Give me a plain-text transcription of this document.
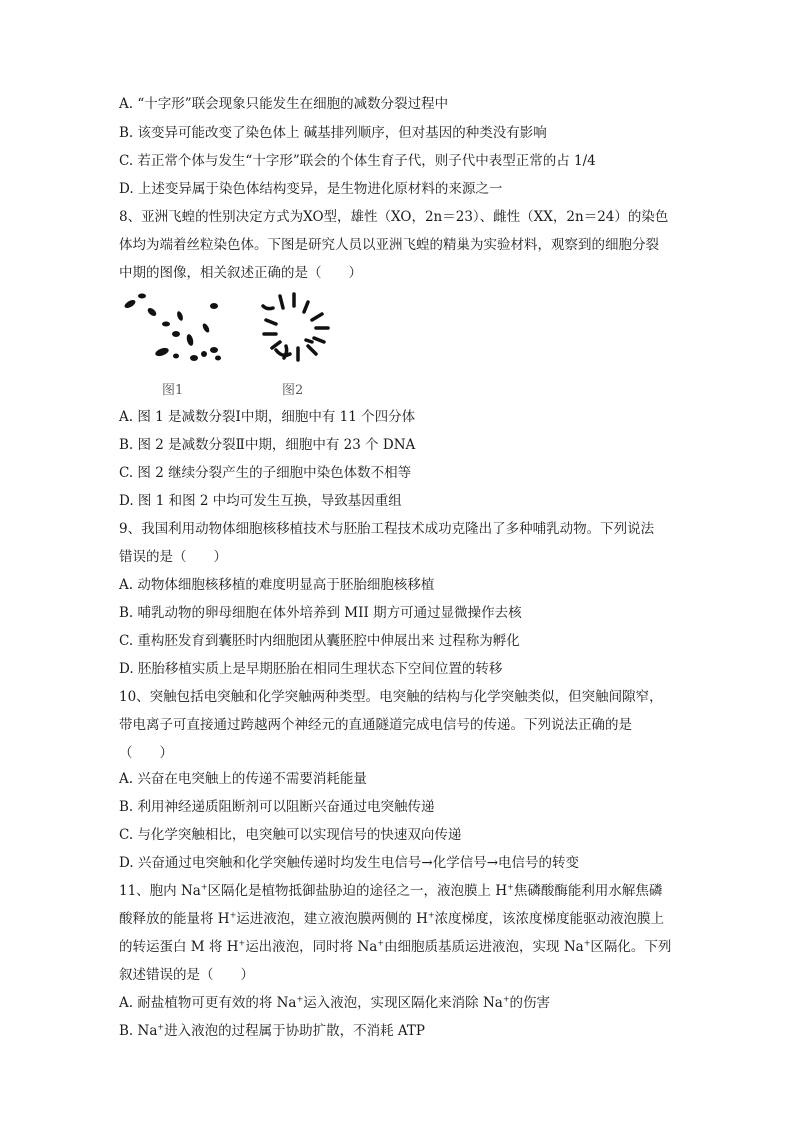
A. “十字形”联会现象只能发生在细胞的减数分裂过程中
B. 该变异可能改变了染色体上 碱基排列顺序，但对基因的种类没有影响
C. 若正常个体与发生“十字形”联会的个体生育子代，则子代中表型正常的占 1/4
D. 上述变异属于染色体结构变异，是生物进化原材料的来源之一
8、亚洲飞蝗的性别决定方式为XO型，雄性（XO，2n＝23）、雌性（XX，2n＝24）的染色
体均为端着丝粒染色体。下图是研究人员以亚洲飞蝗的精巢为实验材料，观察到的细胞分裂
中期的图像，相关叙述正确的是（　　）
图1	图2
A. 图 1 是减数分裂Ⅰ中期，细胞中有 11 个四分体
B. 图 2 是减数分裂Ⅱ中期，细胞中有 23 个 DNA
C. 图 2 继续分裂产生的子细胞中染色体数不相等
D. 图 1 和图 2 中均可发生互换，导致基因重组
9、我国利用动物体细胞核移植技术与胚胎工程技术成功克隆出了多种哺乳动物。下列说法
错误的是（　　）
A. 动物体细胞核移植的难度明显高于胚胎细胞核移植
B. 哺乳动物的卵母细胞在体外培养到 MII 期方可通过显微操作去核
C. 重构胚发育到囊胚时内细胞团从囊胚腔中伸展出来 过程称为孵化
D. 胚胎移植实质上是早期胚胎在相同生理状态下空间位置的转移
10、突触包括电突触和化学突触两种类型。电突触的结构与化学突触类似，但突触间隙窄，
带电离子可直接通过跨越两个神经元的直通隧道完成电信号的传递。下列说法正确的是
（　　）
A. 兴奋在电突触上的传递不需要消耗能量
B. 利用神经递质阻断剂可以阻断兴奋通过电突触传递
C. 与化学突触相比，电突触可以实现信号的快速双向传递
D. 兴奋通过电突触和化学突触传递时均发生电信号→化学信号→电信号的转变
11、胞内 Na+区隔化是植物抵御盐胁迫的途径之一，液泡膜上 H+焦磷酸酶能利用水解焦磷
酸释放的能量将 H+运进液泡，建立液泡膜两侧的 H+浓度梯度，该浓度梯度能驱动液泡膜上
的转运蛋白 M 将 H+运出液泡，同时将 Na+由细胞质基质运进液泡，实现 Na+区隔化。下列
叙述错误的是（　　）
A. 耐盐植物可更有效的将 Na+运入液泡，实现区隔化来消除 Na+的伤害
B. Na+进入液泡的过程属于协助扩散，不消耗 ATP
